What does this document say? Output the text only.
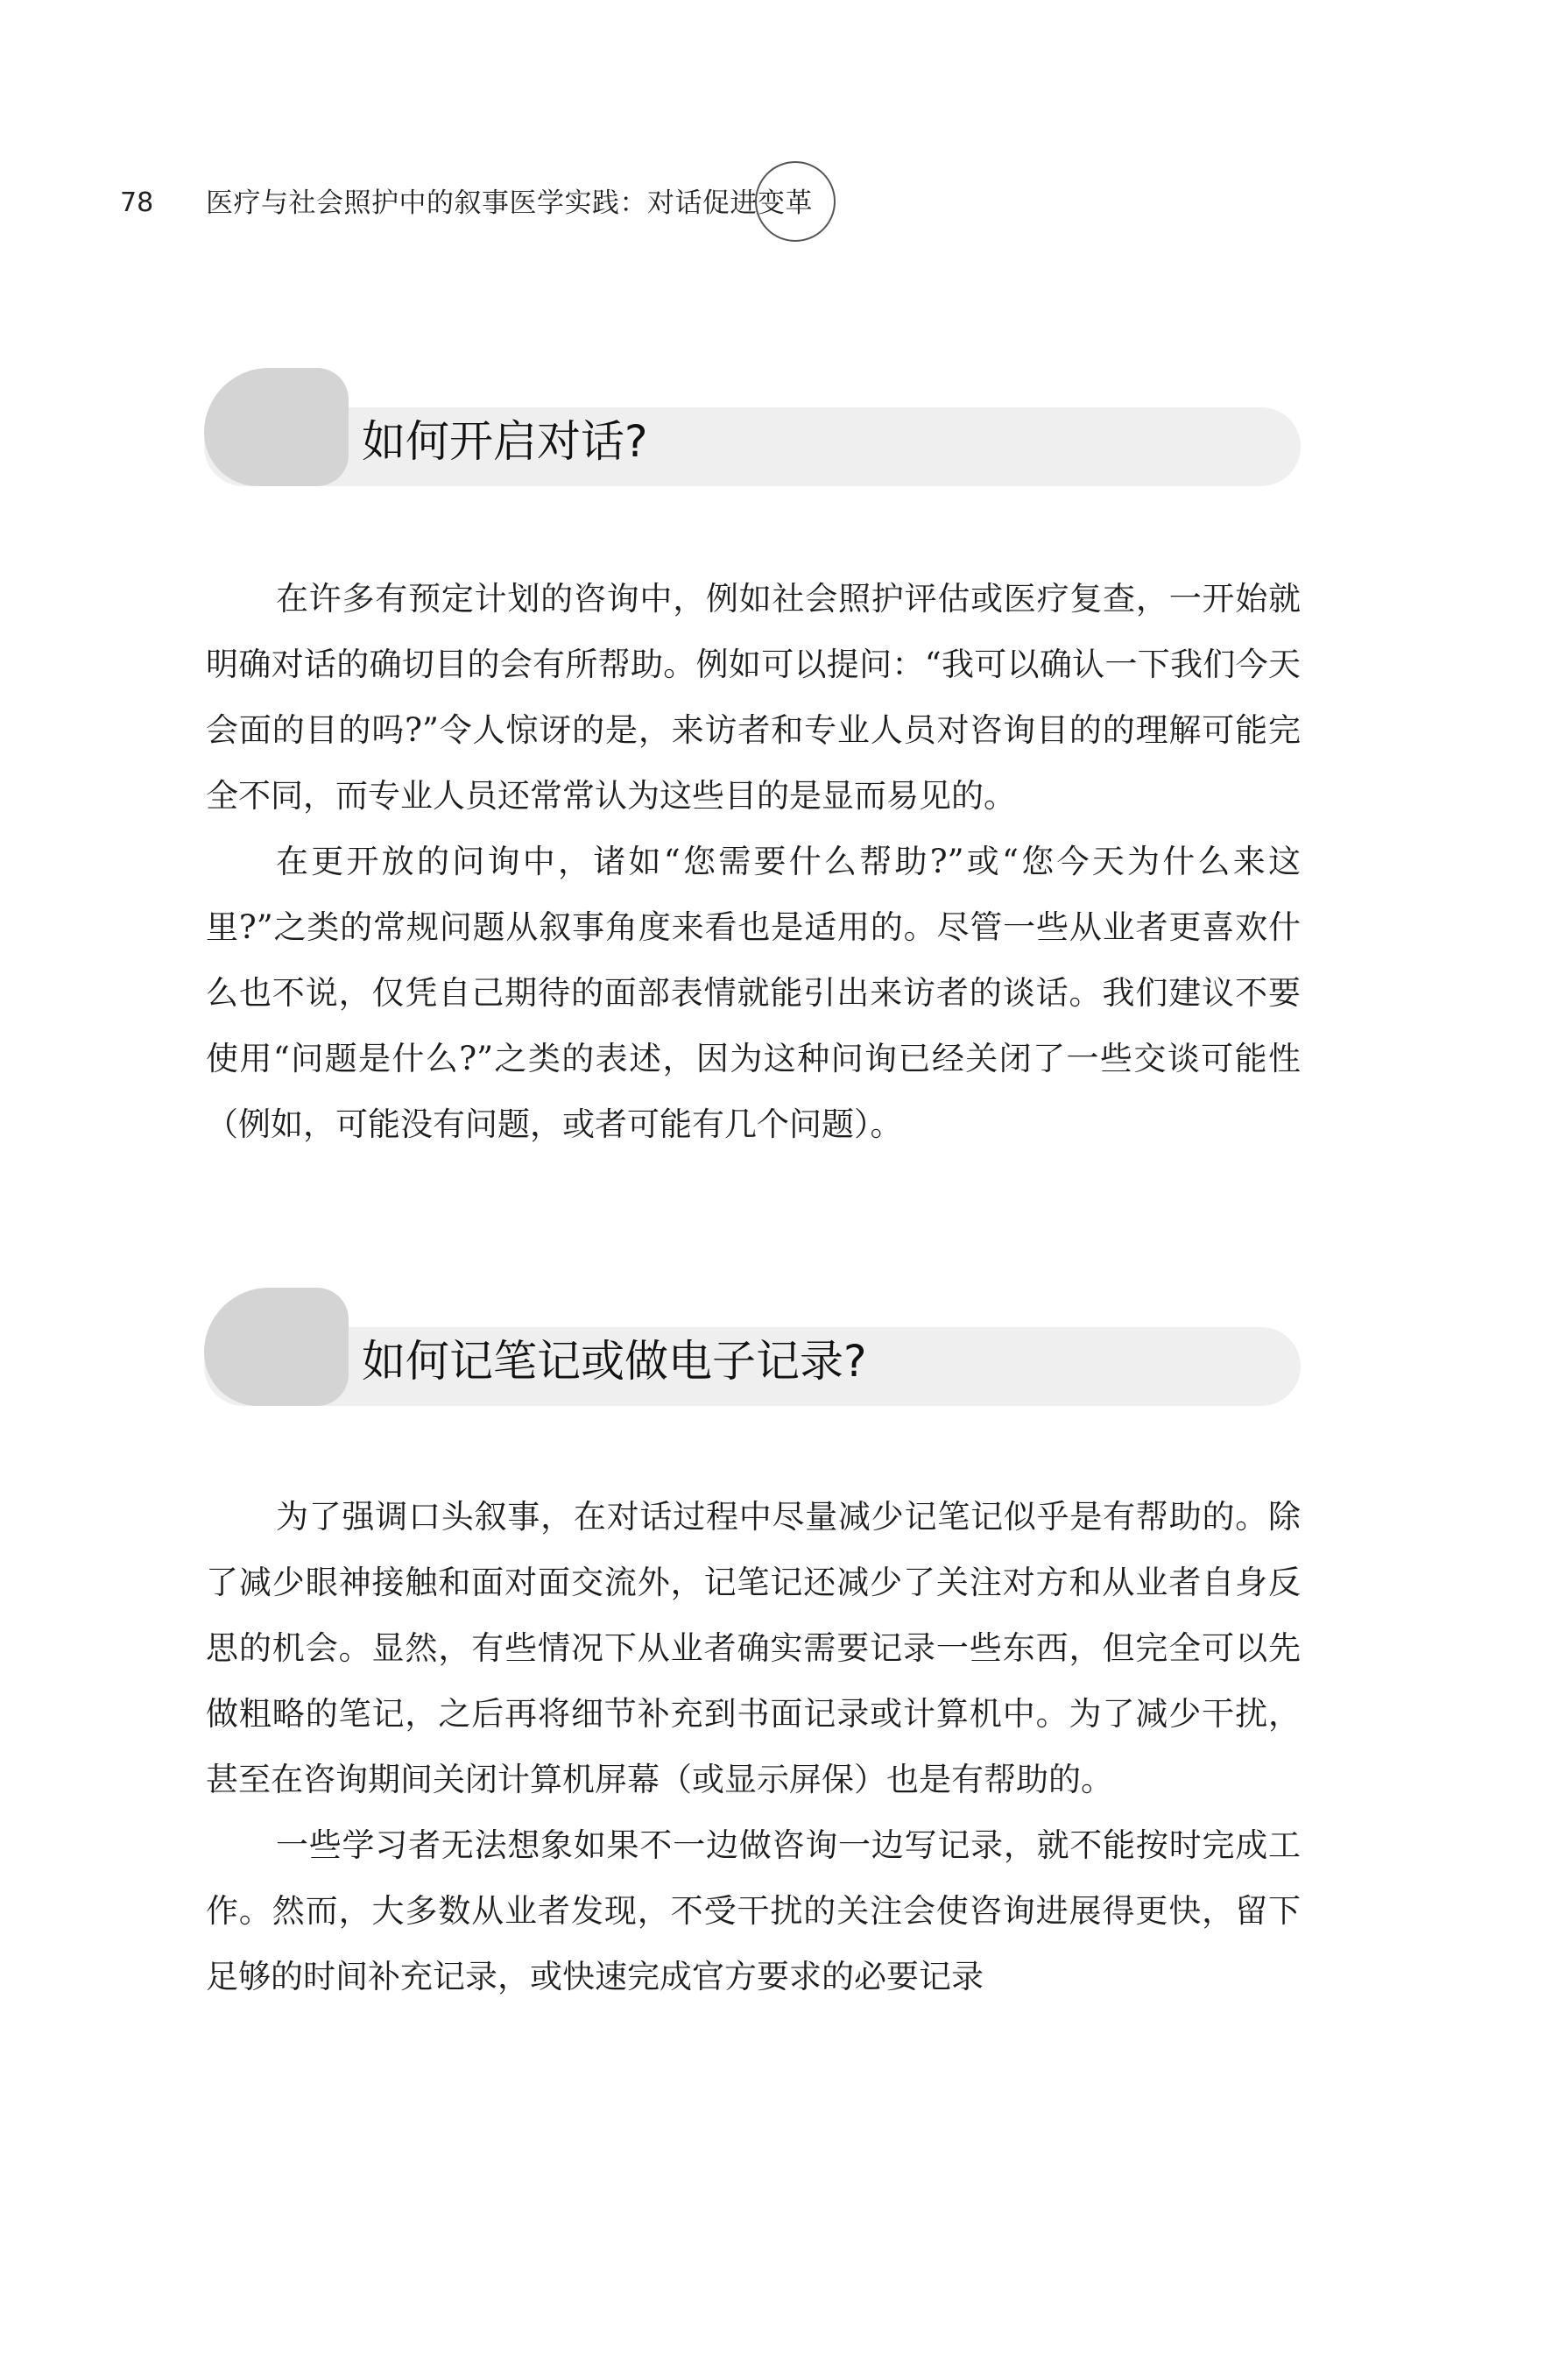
78 医疗与社会照护中的叙事医学实践：对话促进变革
如何开启对话?

在许多有预定计划的咨询中，例如社会照护评估或医疗复查，一开始就明确对话的确切目的会有所帮助。例如可以提问：“我可以确认一下我们今天会面的目的吗?”令人惊讶的是，来访者和专业人员对咨询目的的理解可能完全不同，而专业人员还常常认为这些目的是显而易见的。

在更开放的问询中，诸如“您需要什么帮助?”或“您今天为什么来这里?”之类的常规问题从叙事角度来看也是适用的。尽管一些从业者更喜欢什么也不说，仅凭自己期待的面部表情就能引出来访者的谈话。我们建议不要使用“问题是什么?”之类的表述，因为这种问询已经关闭了一些交谈可能性（例如，可能没有问题，或者可能有几个问题）。

如何记笔记或做电子记录?

为了强调口头叙事，在对话过程中尽量减少记笔记似乎是有帮助的。除了减少眼神接触和面对面交流外，记笔记还减少了关注对方和从业者自身反思的机会。显然，有些情况下从业者确实需要记录一些东西，但完全可以先做粗略的笔记，之后再将细节补充到书面记录或计算机中。为了减少干扰，甚至在咨询期间关闭计算机屏幕（或显示屏保）也是有帮助的。

一些学习者无法想象如果不一边做咨询一边写记录，就不能按时完成工作。然而，大多数从业者发现，不受干扰的关注会使咨询进展得更快，留下足够的时间补充记录，或快速完成官方要求的必要记录
